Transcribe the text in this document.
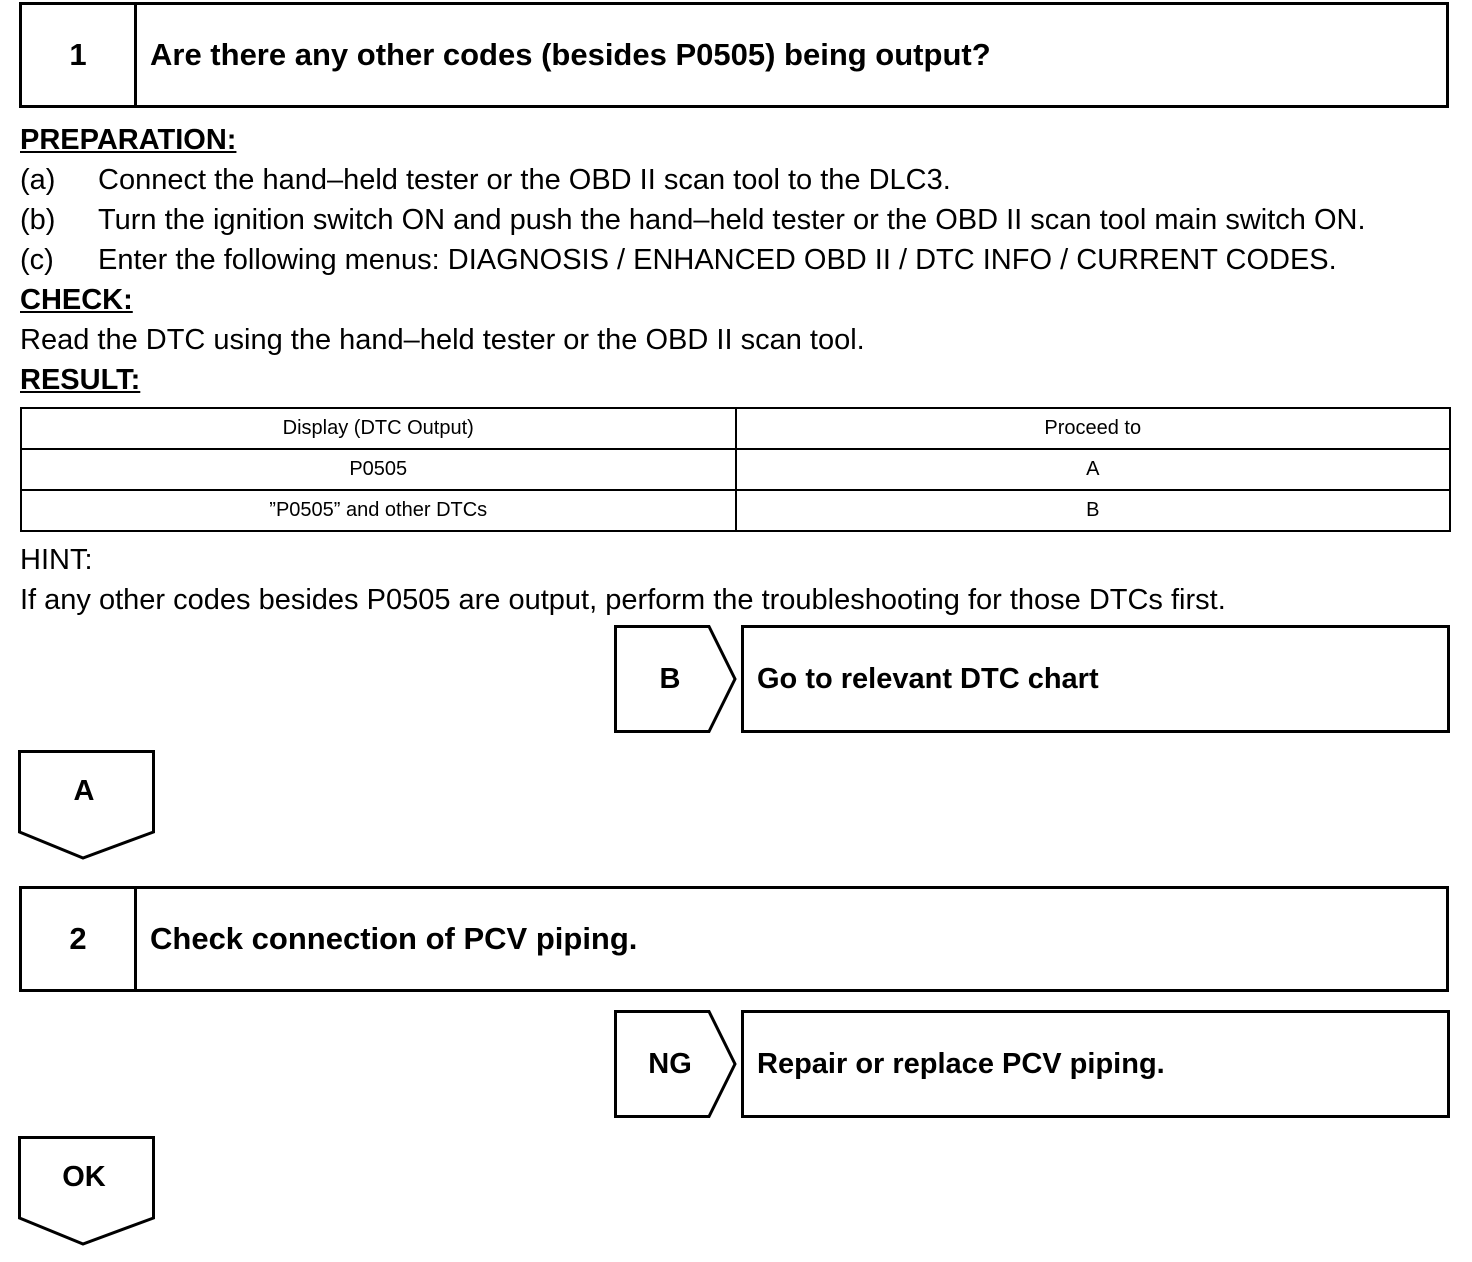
1	Are there any other codes (besides P0505) being output?
PREPARATION:
(a) Connect the hand–held tester or the OBD II scan tool to the DLC3.
(b) Turn the ignition switch ON and push the hand–held tester or the OBD II scan tool main switch ON.
(c) Enter the following menus: DIAGNOSIS / ENHANCED OBD II / DTC INFO / CURRENT CODES.
CHECK:
Read the DTC using the hand–held tester or the OBD II scan tool.
RESULT:
Display (DTC Output)	Proceed to
P0505	A
”P0505” and other DTCs	B
HINT:
If any other codes besides P0505 are output, perform the troubleshooting for those DTCs first.
B	Go to relevant DTC chart
A
2	Check connection of PCV piping.
NG	Repair or replace PCV piping.
OK
